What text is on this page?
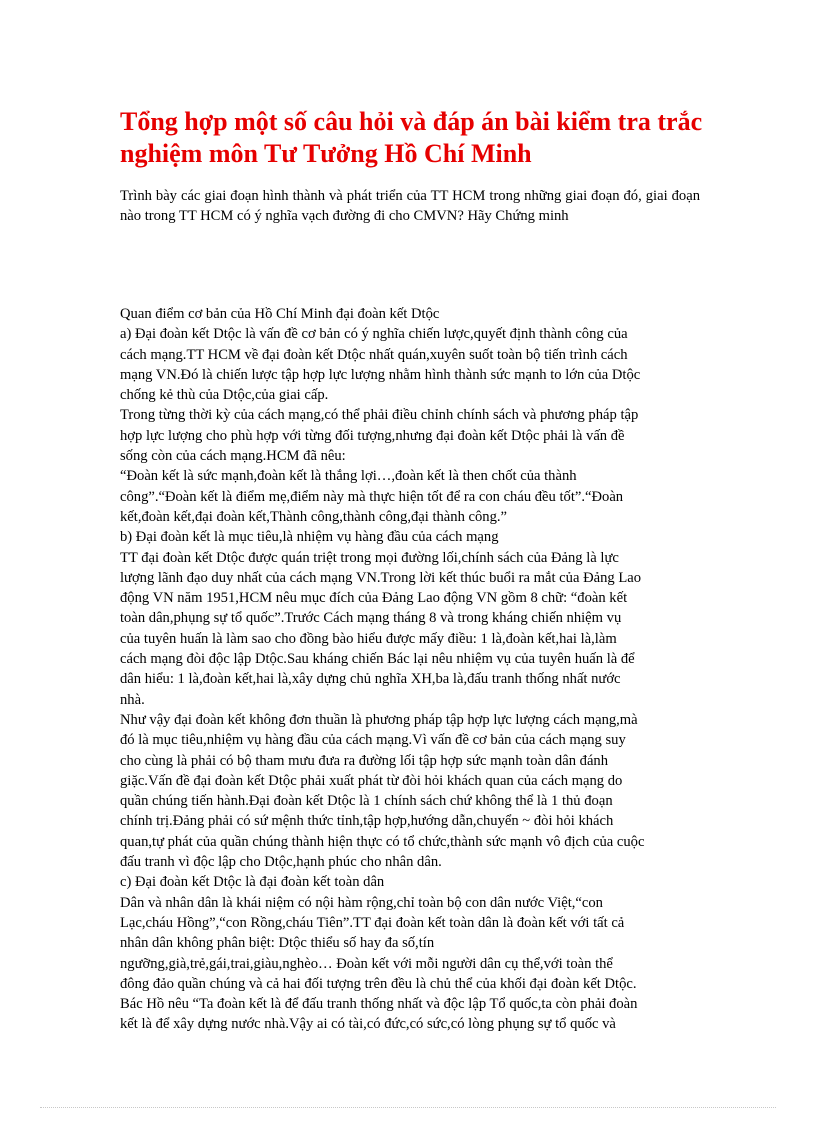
Tổng hợp một số câu hỏi và đáp án bài kiểm tra trắc nghiệm môn Tư Tưởng Hồ Chí Minh

Trình bày các giai đoạn hình thành và phát triển của TT HCM trong những giai đoạn đó, giai đoạn nào trong TT HCM có ý nghĩa vạch đường đi cho CMVN? Hãy Chứng minh

Quan điểm cơ bản của Hồ Chí Minh đại đoàn kết Dtộc

a) Đại đoàn kết Dtộc là vấn đề cơ bản có ý nghĩa chiến lược,quyết định thành công của

cách mạng.TT HCM về đại đoàn kết Dtộc nhất quán,xuyên suốt toàn bộ tiến trình cách

mạng VN.Đó là chiến lược tập hợp lực lượng nhằm hình thành sức mạnh to lớn của Dtộc

chống kẻ thù của Dtộc,của giai cấp.

Trong từng thời kỳ của cách mạng,có thể phải điều chỉnh chính sách và phương pháp tập

hợp lực lượng cho phù hợp với từng đối tượng,nhưng đại đoàn kết Dtộc phải là vấn đề

sống còn của cách mạng.HCM đã nêu:

“Đoàn kết là sức mạnh,đoàn kết là thắng lợi…,đoàn kết là then chốt của thành

công”.“Đoàn kết là điểm mẹ,điểm này mà thực hiện tốt để ra con cháu đều tốt”.“Đoàn

kết,đoàn kết,đại đoàn kết,Thành công,thành công,đại thành công.”

b) Đại đoàn kết là mục tiêu,là nhiệm vụ hàng đầu của cách mạng

TT đại đoàn kết Dtộc được quán triệt trong mọi đường lối,chính sách của Đảng là lực

lượng lãnh đạo duy nhất của cách mạng VN.Trong lời kết thúc buổi ra mắt của Đảng Lao

động VN năm 1951,HCM nêu mục đích của Đảng Lao động VN gồm 8 chữ: “đoàn kết

toàn dân,phụng sự tổ quốc”.Trước Cách mạng tháng 8 và trong kháng chiến nhiệm vụ

của tuyên huấn là làm sao cho đồng bào hiểu được mấy điều: 1 là,đoàn kết,hai là,làm

cách mạng đòi độc lập Dtộc.Sau kháng chiến Bác lại nêu nhiệm vụ của tuyên huấn là để

dân hiểu: 1 là,đoàn kết,hai là,xây dựng chủ nghĩa XH,ba là,đấu tranh thống nhất nước

nhà.

Như vậy đại đoàn kết không đơn thuần là phương pháp tập hợp lực lượng cách mạng,mà

đó là mục tiêu,nhiệm vụ hàng đầu của cách mạng.Vì vấn đề cơ bản của cách mạng suy

cho cùng là phải có bộ tham mưu đưa ra đường lối tập hợp sức mạnh toàn dân đánh

giặc.Vấn đề đại đoàn kết Dtộc phải xuất phát từ đòi hỏi khách quan của cách mạng do

quần chúng tiến hành.Đại đoàn kết Dtộc là 1 chính sách chứ không thể là 1 thủ đoạn

chính trị.Đảng phải có sứ mệnh thức tỉnh,tập hợp,hướng dẫn,chuyển ~ đòi hỏi khách

quan,tự phát của quần chúng thành hiện thực có tổ chức,thành sức mạnh vô địch của cuộc

đấu tranh vì độc lập cho Dtộc,hạnh phúc cho nhân dân.

c) Đại đoàn kết Dtộc là đại đoàn kết toàn dân

Dân và nhân dân là khái niệm có nội hàm rộng,chỉ toàn bộ con dân nước Việt,“con

Lạc,cháu Hồng”,“con Rồng,cháu Tiên”.TT đại đoàn kết toàn dân là đoàn kết với tất cả

nhân dân không phân biệt: Dtộc thiểu số hay đa số,tín

ngưỡng,già,trẻ,gái,trai,giàu,nghèo… Đoàn kết với mỗi người dân cụ thể,với toàn thể

đông đảo quần chúng và cả hai đối tượng trên đều là chủ thể của khối đại đoàn kết Dtộc.

Bác Hồ nêu “Ta đoàn kết là để đấu tranh thống nhất và độc lập Tổ quốc,ta còn phải đoàn

kết là để xây dựng nước nhà.Vậy ai có tài,có đức,có sức,có lòng phụng sự tổ quốc và
